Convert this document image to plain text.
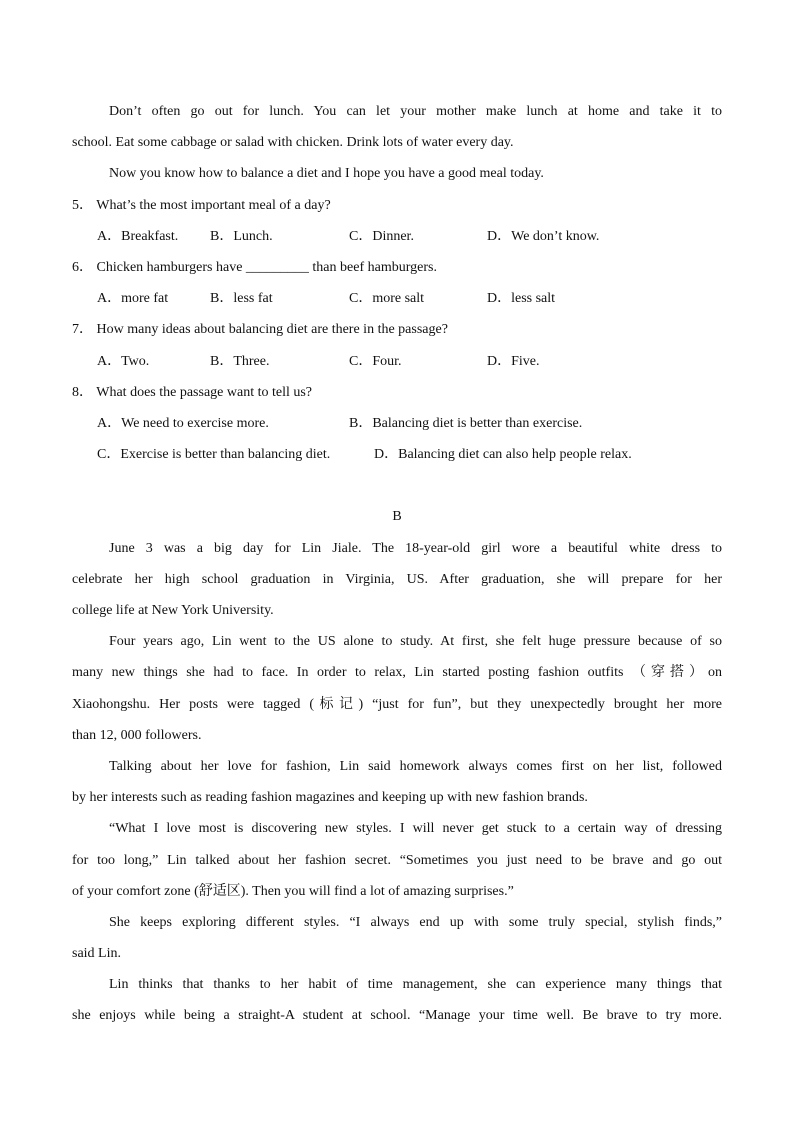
Don’t often go out for lunch. You can let your mother make lunch at home and take it to
school. Eat some cabbage or salad with chicken. Drink lots of water every day.
Now you know how to balance a diet and I hope you have a good meal today.
5． What’s the most important meal of a day?
A．Breakfast. B．Lunch.	C．Dinner.	D．We don’t know.
6． Chicken hamburgers have _________ than beef hamburgers.
A．more fat	B．less fat	C．more salt	D．less salt
7． How many ideas about balancing diet are there in the passage?
A．Two.	B．Three.	C．Four.	D．Five.
8． What does the passage want to tell us?
A．We need to exercise more.	B．Balancing diet is better than exercise.
C．Exercise is better than balancing diet.	D．Balancing diet can also help people relax.
B
June 3 was a big day for Lin Jiale. The 18-year-old girl wore a beautiful white dress to
celebrate her high school graduation in Virginia, US. After graduation, she will prepare for her
college life at New York University.
Four years ago, Lin went to the US alone to study. At first, she felt huge pressure because of so
many new things she had to face. In order to relax, Lin started posting fashion outfits （穿搭）on
Xiaohongshu. Her posts were tagged (标记) “just for fun”, but they unexpectedly brought her more
than 12, 000 followers.
Talking about her love for fashion, Lin said homework always comes first on her list, followed
by her interests such as reading fashion magazines and keeping up with new fashion brands.
“What I love most is discovering new styles. I will never get stuck to a certain way of dressing
for too long,” Lin talked about her fashion secret. “Sometimes you just need to be brave and go out
of your comfort zone (舒适区). Then you will find a lot of amazing surprises.”
She keeps exploring different styles. “I always end up with some truly special, stylish finds,”
said Lin.
Lin thinks that thanks to her habit of time management, she can experience many things that
she enjoys while being a straight-A student at school. “Manage your time well. Be brave to try more.
